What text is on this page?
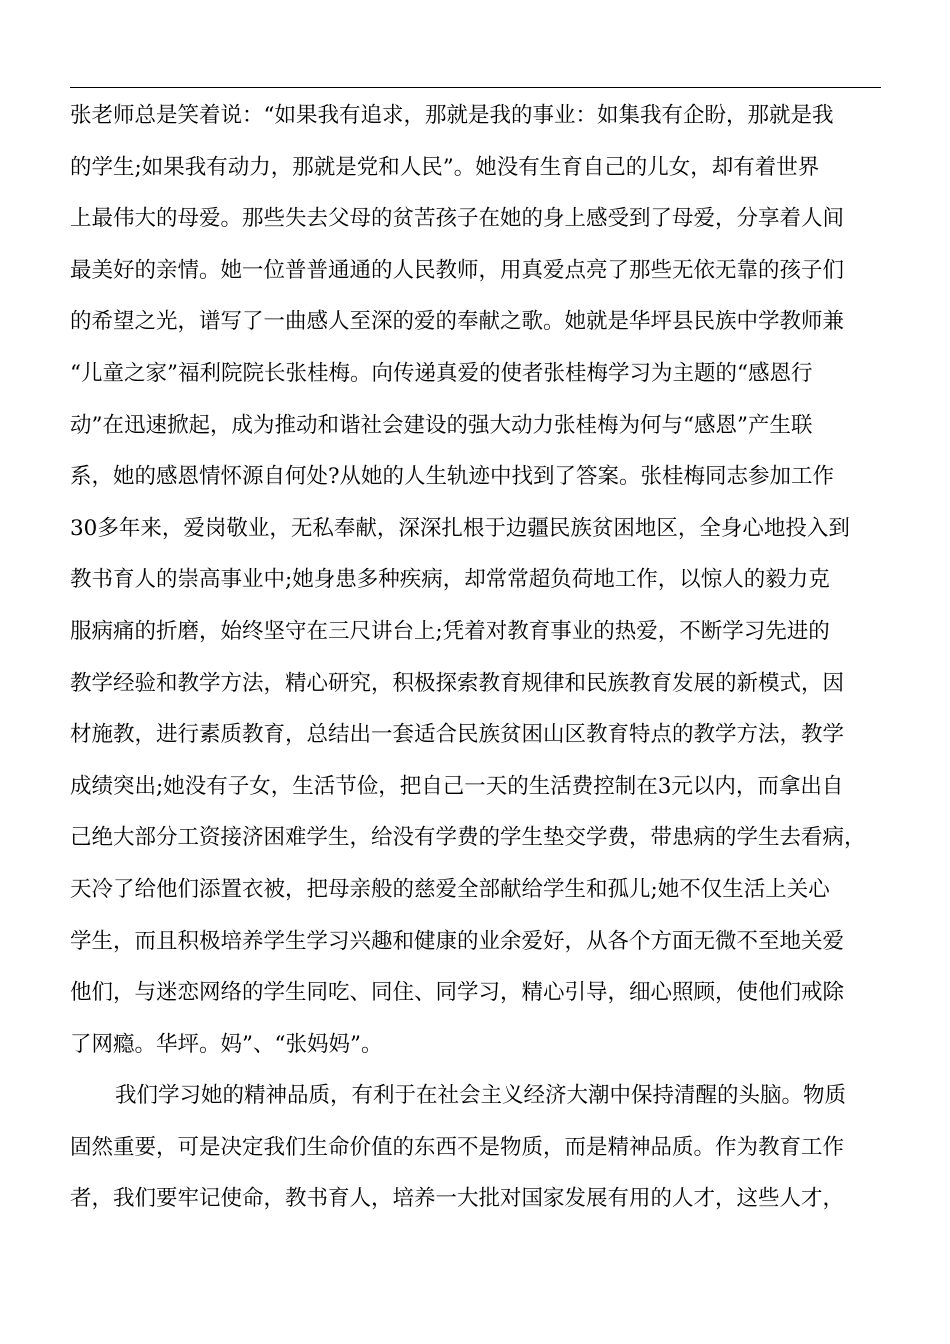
张老师总是笑着说：“如果我有追求，那就是我的事业：如集我有企盼，那就是我
的学生;如果我有动力，那就是党和人民”。她没有生育自己的儿女，却有着世界
上最伟大的母爱。那些失去父母的贫苦孩子在她的身上感受到了母爱，分享着人间
最美好的亲情。她一位普普通通的人民教师，用真爱点亮了那些无依无靠的孩子们
的希望之光，谱写了一曲感人至深的爱的奉献之歌。她就是华坪县民族中学教师兼
“儿童之家”福利院院长张桂梅。向传递真爱的使者张桂梅学习为主题的“感恩行
动”在迅速掀起，成为推动和谐社会建设的强大动力张桂梅为何与“感恩”产生联
系，她的感恩情怀源自何处?从她的人生轨迹中找到了答案。张桂梅同志参加工作
30多年来，爱岗敬业，无私奉献，深深扎根于边疆民族贫困地区，全身心地投入到
教书育人的崇高事业中;她身患多种疾病，却常常超负荷地工作，以惊人的毅力克
服病痛的折磨，始终坚守在三尺讲台上;凭着对教育事业的热爱，不断学习先进的
教学经验和教学方法，精心研究，积极探索教育规律和民族教育发展的新模式，因
材施教，进行素质教育，总结出一套适合民族贫困山区教育特点的教学方法，教学
成绩突出;她没有子女，生活节俭，把自己一天的生活费控制在3元以内，而拿出自
己绝大部分工资接济困难学生，给没有学费的学生垫交学费，带患病的学生去看病，
天冷了给他们添置衣被，把母亲般的慈爱全部献给学生和孤儿;她不仅生活上关心
学生，而且积极培养学生学习兴趣和健康的业余爱好，从各个方面无微不至地关爱
他们，与迷恋网络的学生同吃、同住、同学习，精心引导，细心照顾，使他们戒除
了网瘾。华坪。妈”、“张妈妈”。
我们学习她的精神品质，有利于在社会主义经济大潮中保持清醒的头脑。物质
固然重要，可是决定我们生命价值的东西不是物质，而是精神品质。作为教育工作
者，我们要牢记使命，教书育人，培养一大批对国家发展有用的人才，这些人才，
